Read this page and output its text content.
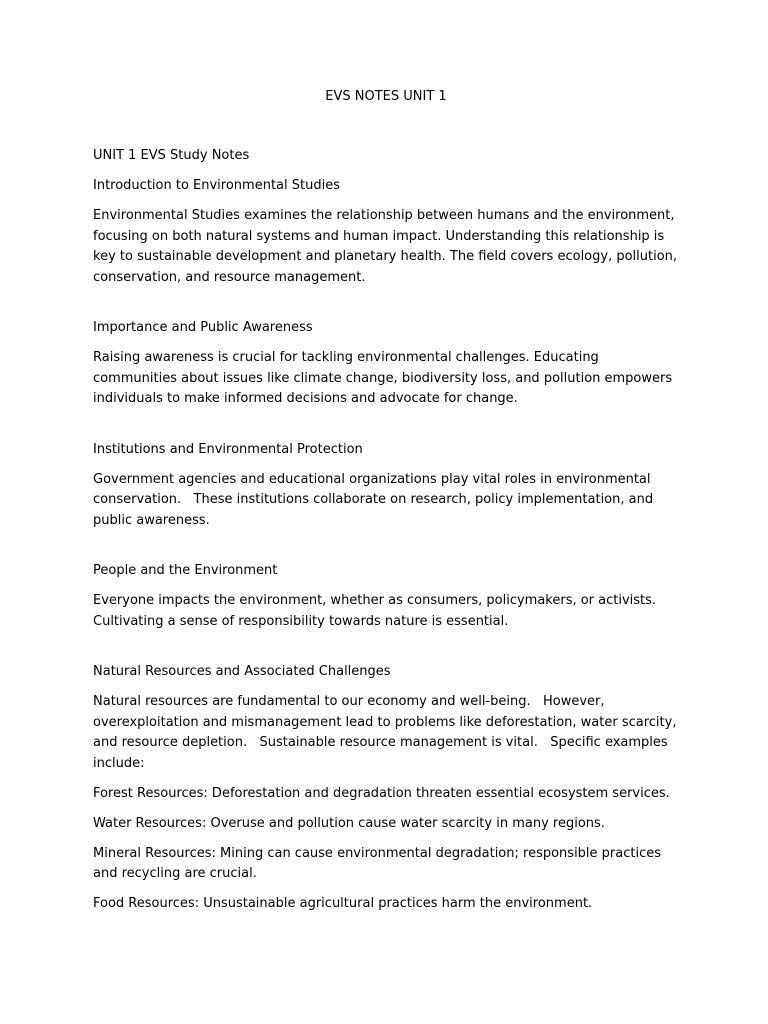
EVS NOTES UNIT 1

UNIT 1 EVS Study Notes

Introduction to Environmental Studies

Environmental Studies examines the relationship between humans and the environment, focusing on both natural systems and human impact. Understanding this relationship is key to sustainable development and planetary health. The field covers ecology, pollution, conservation, and resource management.

Importance and Public Awareness

Raising awareness is crucial for tackling environmental challenges. Educating communities about issues like climate change, biodiversity loss, and pollution empowers individuals to make informed decisions and advocate for change.

Institutions and Environmental Protection

Government agencies and educational organizations play vital roles in environmental conservation.   These institutions collaborate on research, policy implementation, and public awareness.

People and the Environment

Everyone impacts the environment, whether as consumers, policymakers, or activists. Cultivating a sense of responsibility towards nature is essential.

Natural Resources and Associated Challenges

Natural resources are fundamental to our economy and well-being.   However, overexploitation and mismanagement lead to problems like deforestation, water scarcity, and resource depletion.   Sustainable resource management is vital.   Specific examples include:

Forest Resources: Deforestation and degradation threaten essential ecosystem services.

Water Resources: Overuse and pollution cause water scarcity in many regions.

Mineral Resources: Mining can cause environmental degradation; responsible practices and recycling are crucial.

Food Resources: Unsustainable agricultural practices harm the environment.
